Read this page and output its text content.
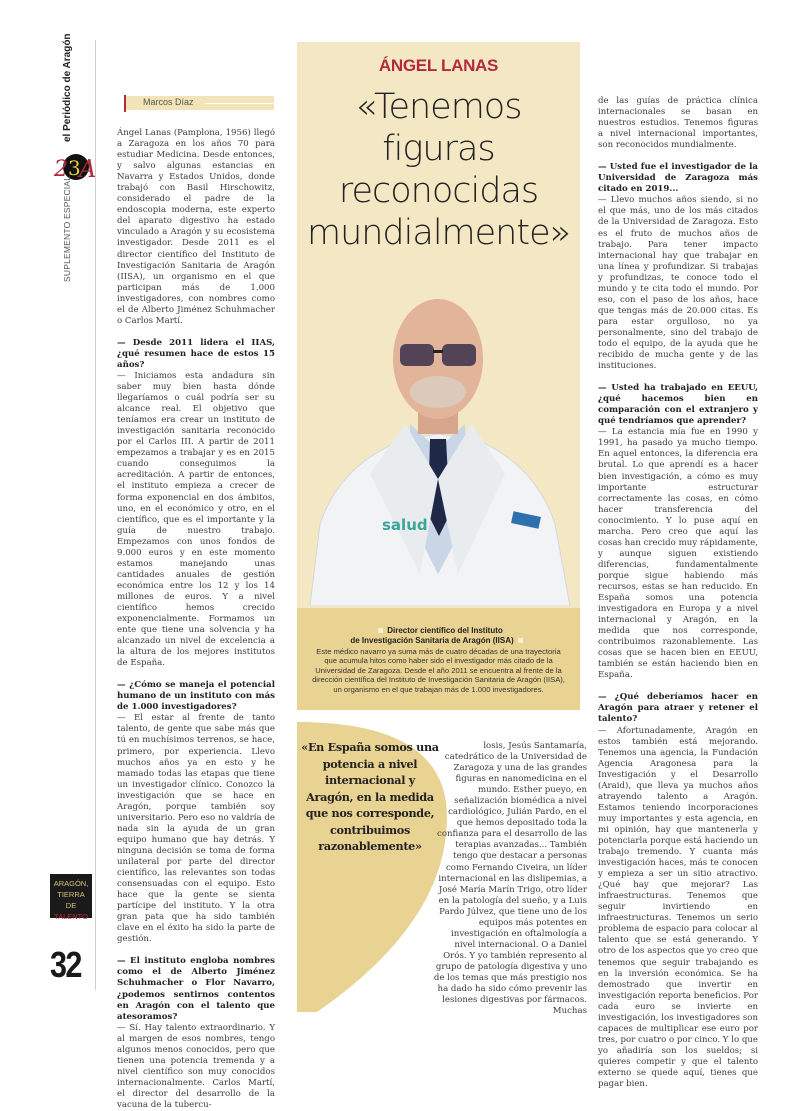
el Periódico de Aragón
2 3
A
SUPLEMENTO ESPECIAL
ARAGÓN,
TIERRA DE
TALENTO
32
Marcos Díaz

Ángel Lanas (Pamplona, 1956) llegó a Zaragoza en los años 70 para estudiar Medicina. Desde entonces, y salvo algunas estancias en Navarra y Estados Unidos, donde trabajó con Basil Hirschowitz, considerado el padre de la endoscopia moderna, este experto del aparato digestivo ha estado vinculado a Aragón y su ecosistema investigador. Desde 2011 es el director científico del Instituto de Investigación Sanitaria de Aragón (IISA), un organismo en el que participan más de 1.000 investigadores, con nombres como el de Alberto Jiménez Schuhmacher o Carlos Martí.

— Desde 2011 lidera el IIAS, ¿qué resumen hace de estos 15 años?

— Iniciamos esta andadura sin saber muy bien hasta dónde llegaríamos o cuál podría ser su alcance real. El objetivo que teníamos era crear un instituto de investigación sanitaria reconocido por el Carlos III. A partir de 2011 empezamos a trabajar y es en 2015 cuando conseguimos la acreditación. A partir de entonces, el instituto empieza a crecer de forma exponencial en dos ámbitos, uno, en el económico y otro, en el científico, que es el importante y la guía de nuestro trabajo. Empezamos con unos fondos de 9.000 euros y en este momento estamos manejando unas cantidades anuales de gestión económica entre los 12 y los 14 millones de euros. Y a nivel científico hemos crecido exponencialmente. Formamos un ente que tiene una solvencia y ha alcanzado un nivel de excelencia a la altura de los mejores institutos de España.

— ¿Cómo se maneja el potencial humano de un instituto con más de 1.000 investigadores?

— El estar al frente de tanto talento, de gente que sabe más que tú en muchísimos terrenos, se hace, primero, por experiencia. Llevo muchos años ya en esto y he mamado todas las etapas que tiene un investigador clínico. Conozco la investigación que se hace en Aragón, porque también soy universitario. Pero eso no valdría de nada sin la ayuda de un gran equipo humano que hay detrás. Y ninguna decisión se toma de forma unilateral por parte del director científico, las relevantes son todas consensuadas con el equipo. Esto hace que la gente se sienta partícipe del instituto. Y la otra gran pata que ha sido también clave en el éxito ha sido la parte de gestión.

— El instituto engloba nombres como el de Alberto Jiménez Schuhmacher o Flor Navarro, ¿podemos sentirnos contentos en Aragón con el talento que atesoramos?

— Sí. Hay talento extraordinario. Y al margen de esos nombres, tengo algunos menos conocidos, pero que tienen una potencia tremenda y a nivel científico son muy conocidos internacionalmente. Carlos Martí, el director del desarrollo de la vacuna de la tubercu-

ÁNGEL LANAS
«Tenemos figuras reconocidas mundialmente»
salud
Director científico del Instituto
de Investigación Sanitaria de Aragón (IISA)
Este médico navarro ya suma más de cuatro décadas de una trayectoria que acumula hitos como haber sido el investigador más citado de la Universidad de Zaragoza. Desde el año 2011 se encuentra al frente de la dirección científica del Instituto de Investigación Sanitaria de Aragón (IISA), un organismo en el que trabajan más de 1.000 investigadores.
«En España somos una potencia a nivel internacional y Aragón, en la medida que nos corresponde, contribuimos razonablemente»

losis, Jesús Santamaría, catedrático de la Universidad de Zaragoza y una de las grandes figuras en nanomedicina en el mundo. Esther pueyo, en señalización biomédica a nivel cardiológico, Julián Pardo, en el que hemos depositado toda la confianza para el desarrollo de las terapias avanzadas... También tengo que destacar a personas como Fernando Civeira, un líder internacional en las dislipemias, a José María Marín Trigo, otro líder en la patología del sueño, y a Luis Pardo Júlvez, que tiene uno de los equipos más potentes en investigación en oftalmología a nivel internacional. O a Daniel Orós. Y yo también represento al grupo de patología digestiva y uno de los temas que más prestigio nos ha dado ha sido cómo prevenir las lesiones digestivas por fármacos. Muchas

de las guías de práctica clínica internacionales se basan en nuestros estudios. Tenemos figuras a nivel internacional importantes, son reconocidos mundialmente.

— Usted fue el investigador de la Universidad de Zaragoza más citado en 2019...

— Llevo muchos años siendo, si no el que más, uno de los más citados de la Universidad de Zaragoza. Esto es el fruto de muchos años de trabajo. Para tener impacto internacional hay que trabajar en una línea y profundizar. Si trabajas y profundizas, te conoce todo el mundo y te cita todo el mundo. Por eso, con el paso de los años, hace que tengas más de 20.000 citas. Es para estar orgulloso, no ya personalmente, sino del trabajo de todo el equipo, de la ayuda que he recibido de mucha gente y de las instituciones.

— Usted ha trabajado en EEUU, ¿qué hacemos bien en comparación con el extranjero y qué tendríamos que aprender?

— La estancia mía fue en 1990 y 1991, ha pasado ya mucho tiempo. En aquel entonces, la diferencia era brutal. Lo que aprendí es a hacer bien investigación, a cómo es muy importante estructurar correctamente las cosas, en cómo hacer transferencia del conocimiento. Y lo puse aquí en marcha. Pero creo que aquí las cosas han crecido muy rápidamente, y aunque siguen existiendo diferencias, fundamentalmente porque sigue habiendo más recursos, estas se han reducido. En España somos una potencia investigadora en Europa y a nivel internacional y Aragón, en la medida que nos corresponde, contribuimos razonablemente. Las cosas que se hacen bien en EEUU, también se están haciendo bien en España.

— ¿Qué deberíamos hacer en Aragón para atraer y retener el talento?

— Afortunadamente, Aragón en estos también está mejorando. Tenemos una agencia, la Fundación Agencia Aragonesa para la Investigación y el Desarrollo (Araid), que lleva ya muchos años atrayendo talento a Aragón. Estamos teniendo incorporaciones muy importantes y esta agencia, en mi opinión, hay que mantenerla y potenciarla porque está haciendo un trabajo tremendo. Y cuanta más investigación haces, más te conocen y empieza a ser un sitio atractivo. ¿Qué hay que mejorar? Las infraestructuras. Tenemos que seguir invirtiendo en infraestructuras. Tenemos un serio problema de espacio para colocar al talento que se está generando. Y otro de los aspectos que yo creo que tenemos que seguir trabajando es en la inversión económica. Se ha demostrado que invertir en investigación reporta beneficios. Por cada euro se invierte en investigación, los investigadores son capaces de multiplicar ese euro por tres, por cuatro o por cinco. Y lo que yo añadiría son los sueldos; si quieres competir y que el talento externo se quede aquí, tienes que pagar bien.
